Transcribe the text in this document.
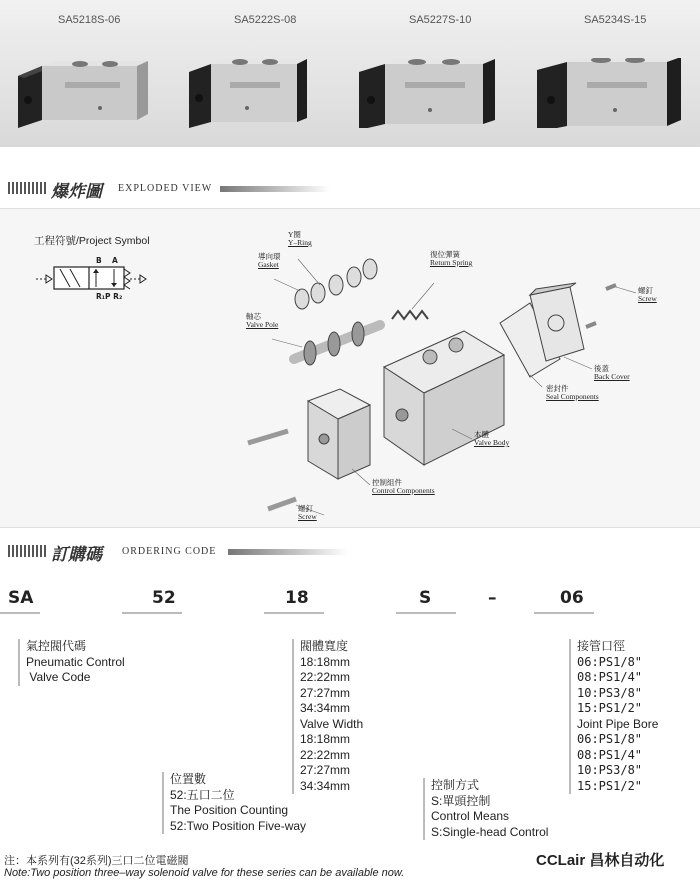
SA5218S-06	SA5222S-08	SA5227S-10	SA5234S-15
爆炸圖 EXPLODED VIEW
工程符號/Project Symbol
B A
R₁P R₂
Y圈
Y–Ring
導向環
Gasket
復位彈簧
Return Spring
螺釘
Screw
軸芯
Valve Pole
後蓋
Back Cover
密封件
Seal Components
本體
Valve Body
控制組件
Control Components
螺釘
Screw
訂購碼 ORDERING CODE
SA	52	18	S	–	06
氣控閥代碼
Pneumatic Control
Valve Code
位置數
52:五口二位
The Position Counting
52:Two Position Five-way
閥體寬度
18:18mm
22:22mm
27:27mm
34:34mm
Valve Width
18:18mm
22:22mm
27:27mm
34:34mm	控制方式
S:單頭控制
Control Means
S:Single-head Control
接管口徑
06:PS1/8"
08:PS1/4"
10:PS3/8"
15:PS1/2"
Joint Pipe Bore
06:PS1/8"
08:PS1/4"
10:PS3/8"
15:PS1/2"
注：本系列有(32系列)三口二位電磁閥
Note:Two position three–way solenoid valve for these series can be available now.
CCLair 昌林自动化
